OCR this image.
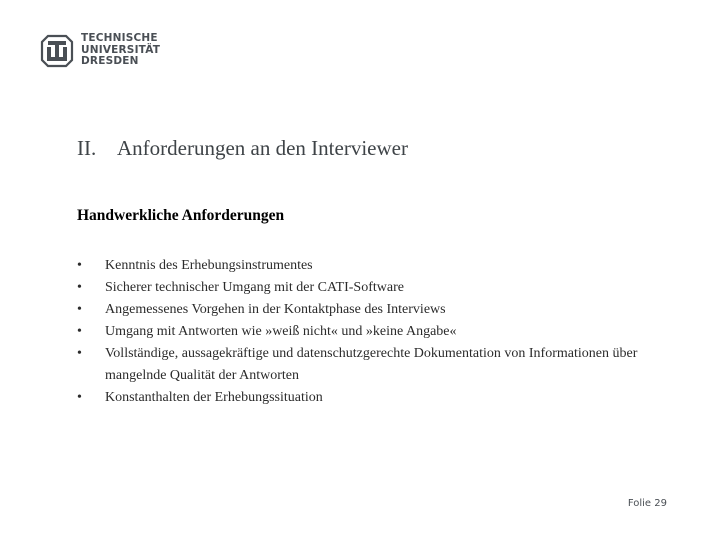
TECHNISCHE
UNIVERSITÄT
DRESDEN
II. Anforderungen an den Interviewer
Handwerkliche Anforderungen
•	Kenntnis des Erhebungsinstrumentes
•	Sicherer technischer Umgang mit der CATI-Software
•	Angemessenes Vorgehen in der Kontaktphase des Interviews
•	Umgang mit Antworten wie »weiß nicht« und »keine Angabe«
•	Vollständige, aussagekräftige und datenschutzgerechte Dokumentation von Informationen über mangelnde Qualität der Antworten
•	Konstanthalten der Erhebungssituation
Folie 29
